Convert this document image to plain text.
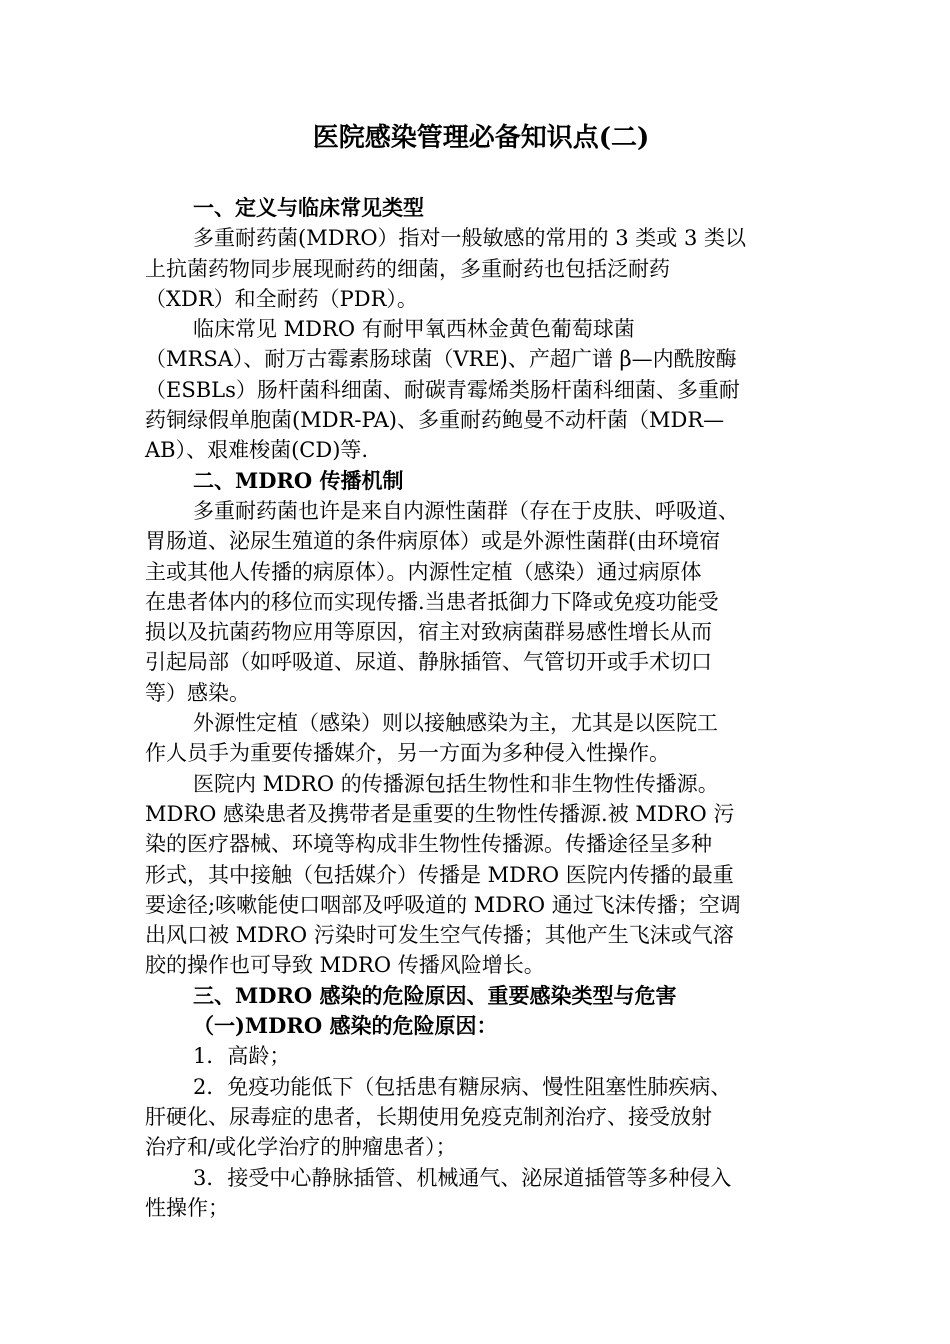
医院感染管理必备知识点(二)
一、定义与临床常见类型
多重耐药菌(MDRO）指对一般敏感的常用的 3 类或 3 类以
上抗菌药物同步展现耐药的细菌，多重耐药也包括泛耐药
（XDR）和全耐药（PDR）。
临床常见 MDRO 有耐甲氧西林金黄色葡萄球菌
（MRSA）、耐万古霉素肠球菌（VRE)、产超广谱 β—内酰胺酶
（ESBLs）肠杆菌科细菌、耐碳青霉烯类肠杆菌科细菌、多重耐
药铜绿假单胞菌(MDR-PA)、多重耐药鲍曼不动杆菌（MDR—
AB）、艰难梭菌(CD)等.
二、MDRO 传播机制
多重耐药菌也许是来自内源性菌群（存在于皮肤、呼吸道、
胃肠道、泌尿生殖道的条件病原体）或是外源性菌群(由环境宿
主或其他人传播的病原体）。内源性定植（感染）通过病原体
在患者体内的移位而实现传播.当患者抵御力下降或免疫功能受
损以及抗菌药物应用等原因，宿主对致病菌群易感性增长从而
引起局部（如呼吸道、尿道、静脉插管、气管切开或手术切口
等）感染。
外源性定植（感染）则以接触感染为主，尤其是以医院工
作人员手为重要传播媒介，另一方面为多种侵入性操作。
医院内 MDRO 的传播源包括生物性和非生物性传播源。
MDRO 感染患者及携带者是重要的生物性传播源.被 MDRO 污
染的医疗器械、环境等构成非生物性传播源。传播途径呈多种
形式，其中接触（包括媒介）传播是 MDRO 医院内传播的最重
要途径;咳嗽能使口咽部及呼吸道的 MDRO 通过飞沫传播；空调
出风口被 MDRO 污染时可发生空气传播；其他产生飞沫或气溶
胶的操作也可导致 MDRO 传播风险增长。
三、MDRO 感染的危险原因、重要感染类型与危害
（一)MDRO 感染的危险原因：
1．高龄；
2．免疫功能低下（包括患有糖尿病、慢性阻塞性肺疾病、
肝硬化、尿毒症的患者，长期使用免疫克制剂治疗、接受放射
治疗和/或化学治疗的肿瘤患者）；
3．接受中心静脉插管、机械通气、泌尿道插管等多种侵入
性操作；
